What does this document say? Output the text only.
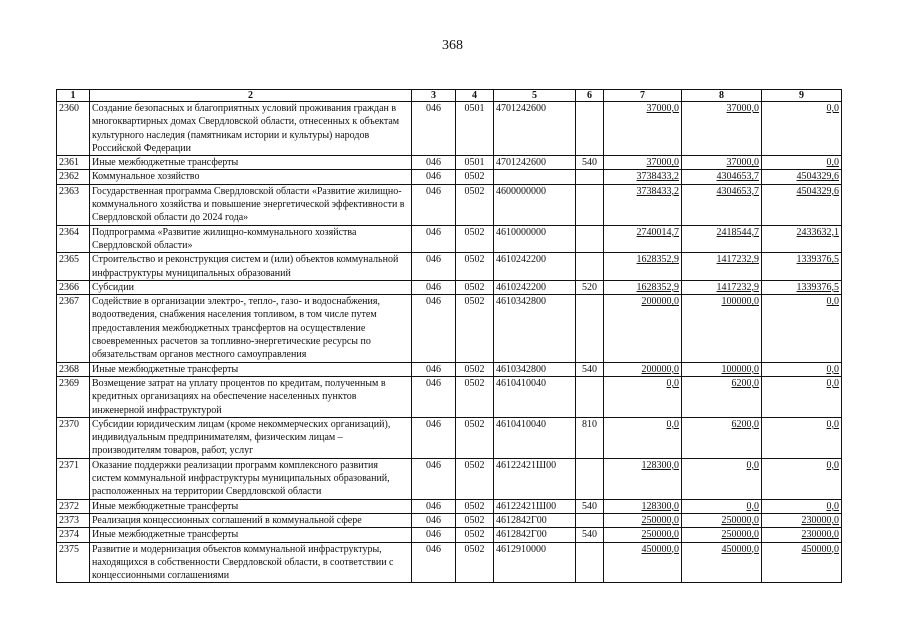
368
1	2	3	4	5	6	7	8	9
2360	Создание безопасных и благоприятных условий проживания граждан в многоквартирных домах Свердловской области, отнесенных к объектам культурного наследия (памятникам истории и культуры) народов Российской Федерации	046	0501	4701242600		37000,0	37000,0	0,0
2361	Иные межбюджетные трансферты	046	0501	4701242600	540	37000,0	37000,0	0,0
2362	Коммунальное хозяйство	046	0502			3738433,2	4304653,7	4504329,6
2363	Государственная программа Свердловской области «Развитие жилищно-коммунального хозяйства и повышение энергетической эффективности в Свердловской области до 2024 года»	046	0502	4600000000		3738433,2	4304653,7	4504329,6
2364	Подпрограмма «Развитие жилищно-коммунального хозяйства Свердловской области»	046	0502	4610000000		2740014,7	2418544,7	2433632,1
2365	Строительство и реконструкция систем и (или) объектов коммунальной инфраструктуры муниципальных образований	046	0502	4610242200		1628352,9	1417232,9	1339376,5
2366	Субсидии	046	0502	4610242200	520	1628352,9	1417232,9	1339376,5
2367	Содействие в организации электро-, тепло-, газо- и водоснабжения, водоотведения, снабжения населения топливом, в том числе путем предоставления межбюджетных трансфертов на осуществление своевременных расчетов за топливно-энергетические ресурсы по обязательствам органов местного самоуправления	046	0502	4610342800		200000,0	100000,0	0,0
2368	Иные межбюджетные трансферты	046	0502	4610342800	540	200000,0	100000,0	0,0
2369	Возмещение затрат на уплату процентов по кредитам, полученным в кредитных организациях на обеспечение населенных пунктов инженерной инфраструктурой	046	0502	4610410040		0,0	6200,0	0,0
2370	Субсидии юридическим лицам (кроме некоммерческих организаций), индивидуальным предпринимателям, физическим лицам – производителям товаров, работ, услуг	046	0502	4610410040	810	0,0	6200,0	0,0
2371	Оказание поддержки реализации программ комплексного развития систем коммунальной инфраструктуры муниципальных образований, расположенных на территории Свердловской области	046	0502	46122421Ш00		128300,0	0,0	0,0
2372	Иные межбюджетные трансферты	046	0502	46122421Ш00	540	128300,0	0,0	0,0
2373	Реализация концессионных соглашений в коммунальной сфере	046	0502	4612842Г00		250000,0	250000,0	230000,0
2374	Иные межбюджетные трансферты	046	0502	4612842Г00	540	250000,0	250000,0	230000,0
2375	Развитие и модернизация объектов коммунальной инфраструктуры, находящихся в собственности Свердловской области, в соответствии с концессионными соглашениями	046	0502	4612910000		450000,0	450000,0	450000,0
